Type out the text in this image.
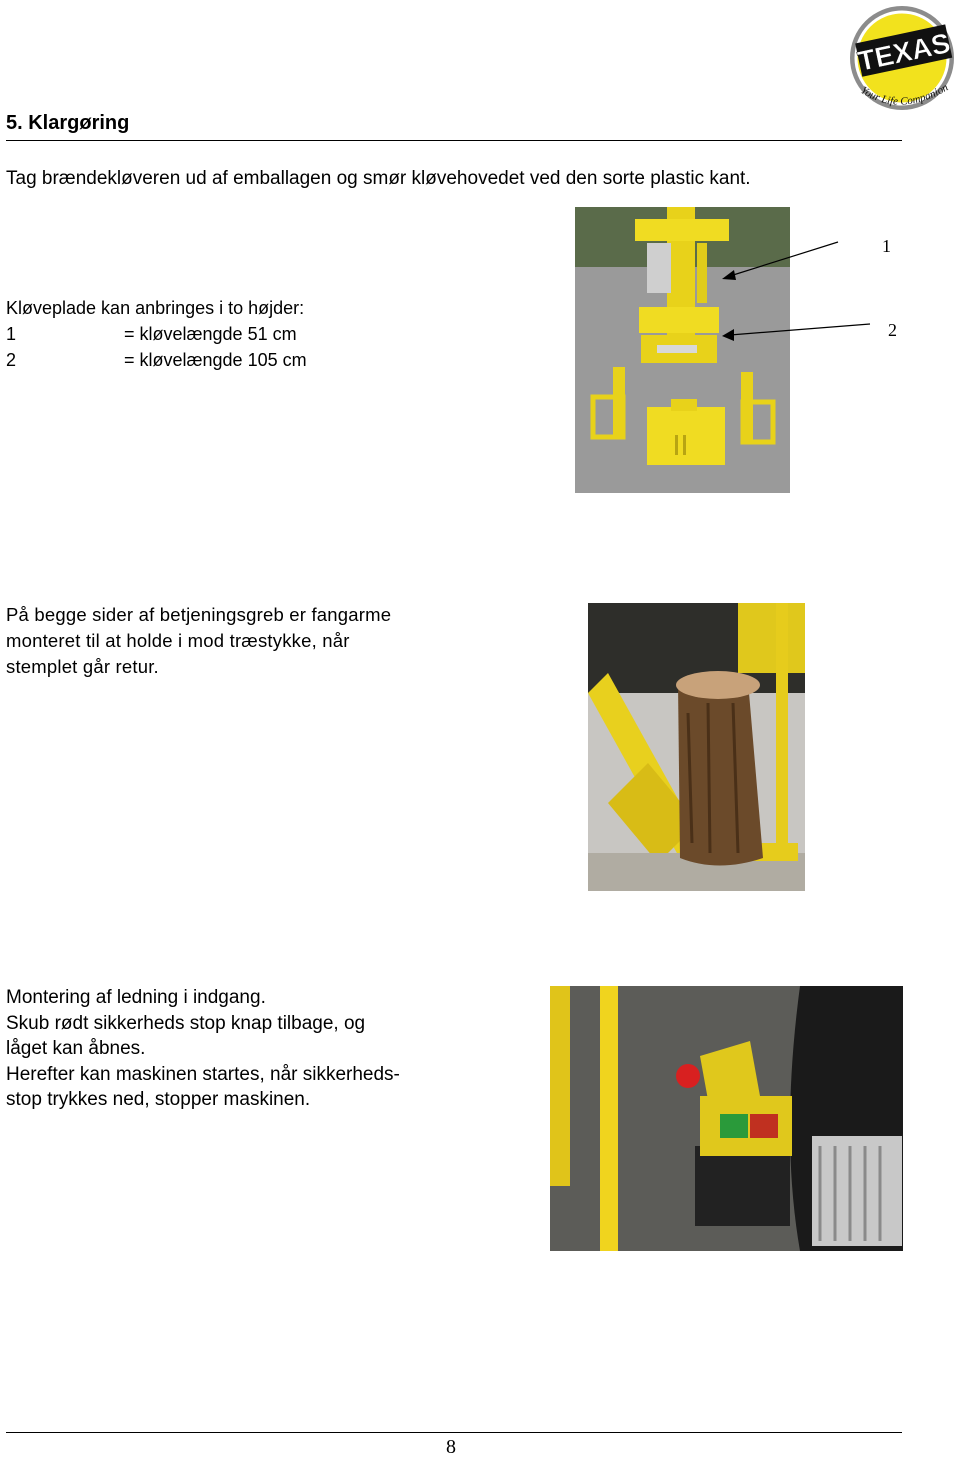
TEXAS
Your Life Companion
5. Klargøring
Tag brændekløveren ud af emballagen og smør kløvehovedet ved den sorte plastic kant.
Kløveplade kan anbringes i to højder:
1	= kløvelængde 51 cm
2	= kløvelængde 105 cm
1
2
På begge sider af betjeningsgreb er fangarme
monteret til at holde i mod træstykke, når
stemplet går retur.
Montering af ledning i indgang.
Skub rødt sikkerheds stop knap tilbage, og
låget kan åbnes.
Herefter kan maskinen startes, når sikkerheds-
stop trykkes ned, stopper maskinen.
8
